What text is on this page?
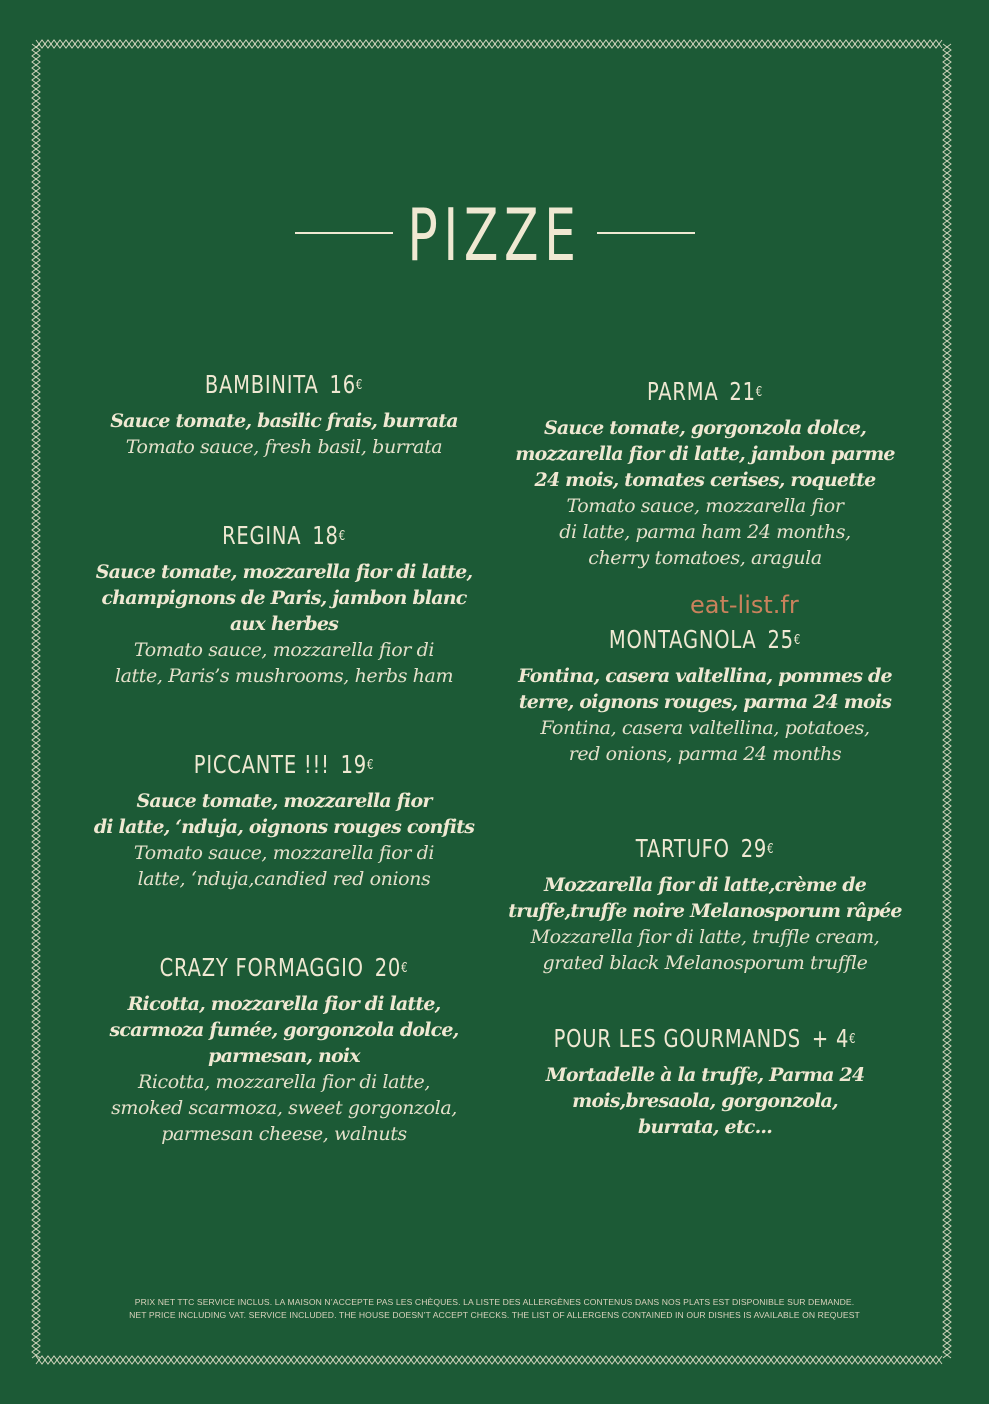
PIZZE
BAMBINITA 16€
Sauce tomate, basilic frais, burrata
Tomato sauce, fresh basil, burrata
REGINA 18€
Sauce tomate, mozzarella fior di latte,
champignons de Paris, jambon blanc
aux herbes
Tomato sauce, mozzarella fior di
latte, Paris’s mushrooms, herbs ham
PICCANTE !!! 19€
Sauce tomate, mozzarella fior
di latte, ‘nduja, oignons rouges confits
Tomato sauce, mozzarella fior di
latte, ‘nduja,candied red onions
CRAZY FORMAGGIO 20€
Ricotta, mozzarella fior di latte,
scarmoza fumée, gorgonzola dolce,
parmesan, noix
Ricotta, mozzarella fior di latte,
smoked scarmoza, sweet gorgonzola,
parmesan cheese, walnuts
PARMA 21€
Sauce tomate, gorgonzola dolce,
mozzarella fior di latte, jambon parme
24 mois, tomates cerises, roquette
Tomato sauce, mozzarella fior
di latte, parma ham 24 months,
cherry tomatoes, aragula
eat-list.fr
MONTAGNOLA 25€
Fontina, casera valtellina, pommes de
terre, oignons rouges, parma 24 mois
Fontina, casera valtellina, potatoes,
red onions, parma 24 months
TARTUFO 29€
Mozzarella fior di latte,crème de
truffe,truffe noire Melanosporum râpée
Mozzarella fior di latte, truffle cream,
grated black Melanosporum truffle
POUR LES GOURMANDS + 4€
Mortadelle à la truffe, Parma 24
mois,bresaola, gorgonzola,
burrata, etc...
PRIX NET TTC SERVICE INCLUS. LA MAISON N’ACCEPTE PAS LES CHÈQUES. LA LISTE DES ALLERGÈNES CONTENUS DANS NOS PLATS EST DISPONIBLE SUR DEMANDE.
NET PRICE INCLUDING VAT. SERVICE INCLUDED. THE HOUSE DOESN’T ACCEPT CHECKS. THE LIST OF ALLERGENS CONTAINED IN OUR DISHES IS AVAILABLE ON REQUEST
